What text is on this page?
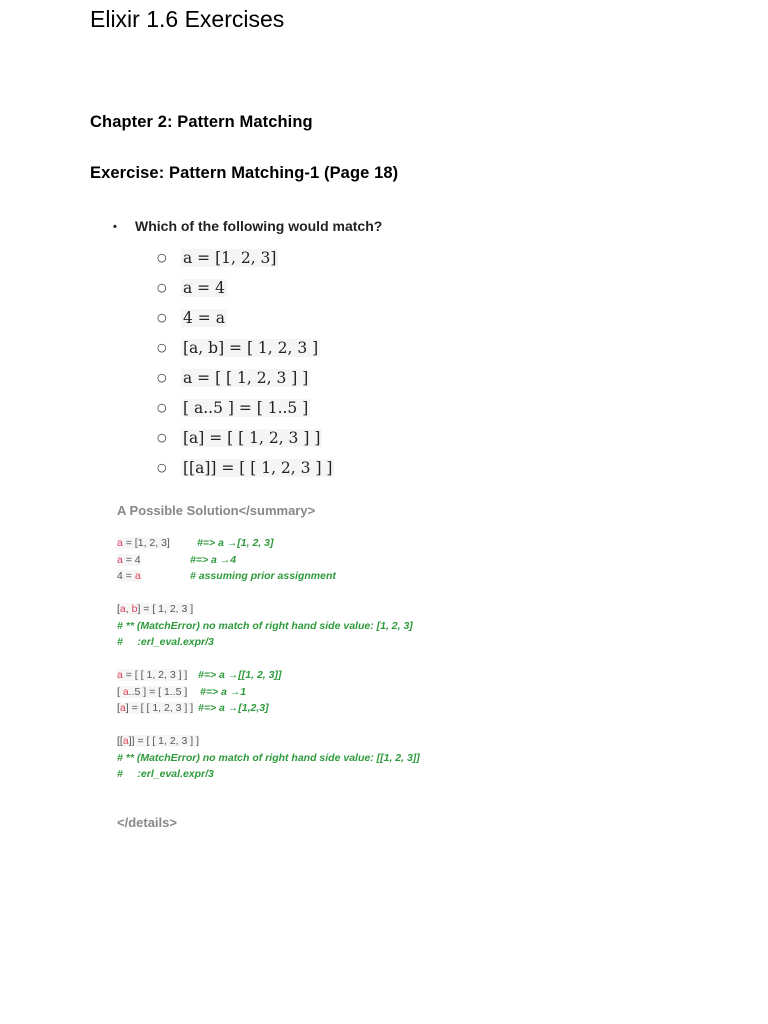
Elixir 1.6 Exercises
Chapter 2: Pattern Matching
Exercise: Pattern Matching-1 (Page 18)
• Which of the following would match?
○ a = [1, 2, 3]
○ a = 4
○ 4 = a
○ [a, b] = [ 1, 2, 3 ]
○ a = [ [ 1, 2, 3 ] ]
○ [ a..5 ] = [ 1..5 ]
○ [a] = [ [ 1, 2, 3 ] ]
○ [[a]] = [ [ 1, 2, 3 ] ]
A Possible Solution</summary>
a = [1, 2, 3]	#=> a →[1, 2, 3]
a = 4	#=> a →4
4 = a	# assuming prior assignment
[a, b] = [ 1, 2, 3 ]
# ** (MatchError) no match of right hand side value: [1, 2, 3]
#     :erl_eval.expr/3
a = [ [ 1, 2, 3 ] ] #=> a →[[1, 2, 3]]
[ a..5 ] = [ 1..5 ] #=> a →1
[a] = [ [ 1, 2, 3 ] ] #=> a →[1,2,3]
[[a]] = [ [ 1, 2, 3 ] ]
# ** (MatchError) no match of right hand side value: [[1, 2, 3]]
#     :erl_eval.expr/3
</details>
